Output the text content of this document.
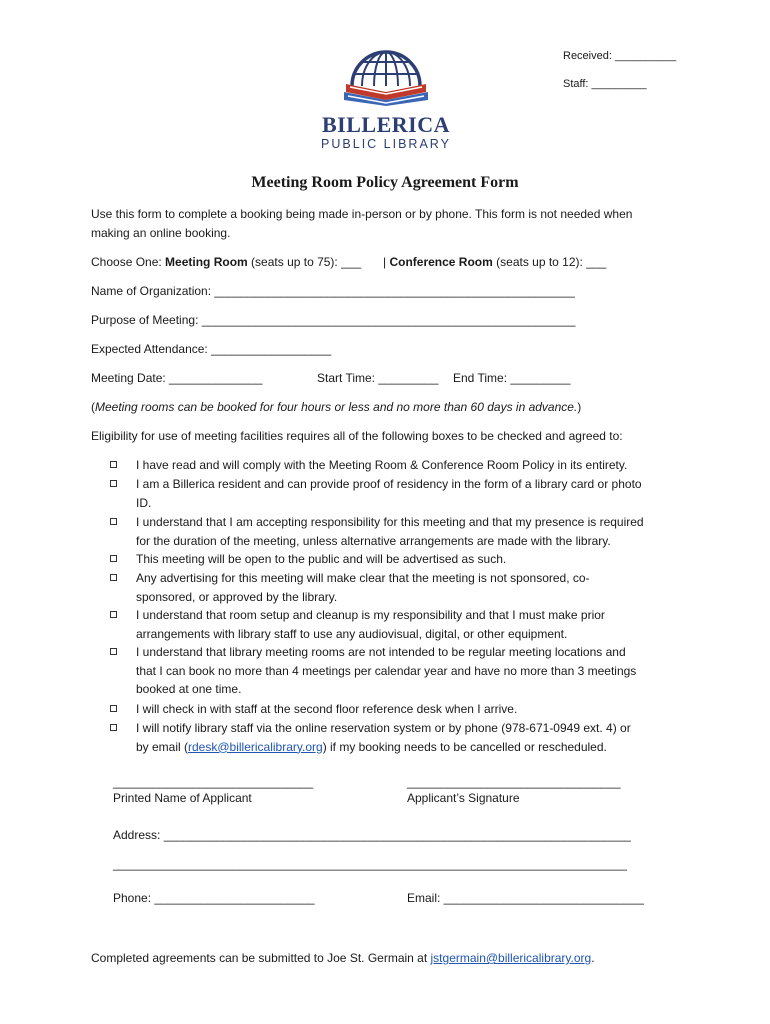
Received: __________
Staff: _________
BILLERICA
PUBLIC LIBRARY
Meeting Room Policy Agreement Form
Use this form to complete a booking being made in-person or by phone. This form is not needed when
making an online booking.
Choose One: Meeting Room (seats up to 75): ___ | Conference Room (seats up to 12): ___
Name of Organization: ______________________________________________________
Purpose of Meeting: ________________________________________________________
Expected Attendance: __________________
Meeting Date: ______________	Start Time: _________ End Time: _________
(Meeting rooms can be booked for four hours or less and no more than 60 days in advance.)
Eligibility for use of meeting facilities requires all of the following boxes to be checked and agreed to:
I have read and will comply with the Meeting Room & Conference Room Policy in its entirety.
I am a Billerica resident and can provide proof of residency in the form of a library card or photo
ID.
I understand that I am accepting responsibility for this meeting and that my presence is required
for the duration of the meeting, unless alternative arrangements are made with the library.
This meeting will be open to the public and will be advertised as such.
Any advertising for this meeting will make clear that the meeting is not sponsored, co-
sponsored, or approved by the library.
I understand that room setup and cleanup is my responsibility and that I must make prior
arrangements with library staff to use any audiovisual, digital, or other equipment.
I understand that library meeting rooms are not intended to be regular meeting locations and
that I can book no more than 4 meetings per calendar year and have no more than 3 meetings
booked at one time.
I will check in with staff at the second floor reference desk when I arrive.
I will notify library staff via the online reservation system or by phone (978-671-0949 ext. 4) or
by email (rdesk@billericalibrary.org) if my booking needs to be cancelled or rescheduled.
______________________________
Printed Name of Applicant
________________________________
Applicant’s Signature
Address: ______________________________________________________________________
_____________________________________________________________________________
Phone: ________________________	Email: ______________________________
Completed agreements can be submitted to Joe St. Germain at jstgermain@billericalibrary.org.
